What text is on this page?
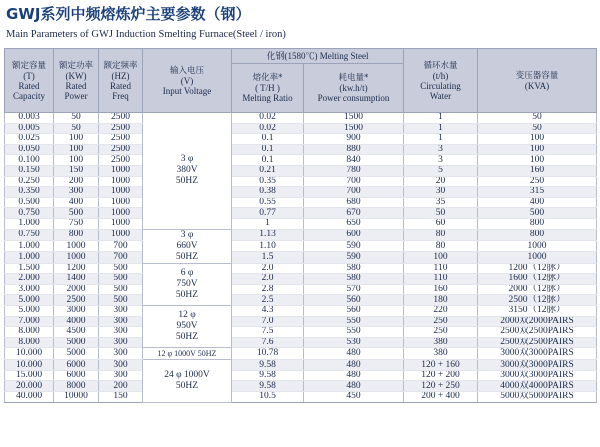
GWJ系列中频熔炼炉主要参数（钢）
Main Parameters of GWJ Induction Smelting Furnace(Steel / iron)
额定容量
(T)
Rated
Capacity	额定功率
(KW)
Rated
Power	额定频率
(HZ)
Rated
Freq	输入电压
(V)
Input Voltage	化钢(1580℃) Melting Steel		循环水量
(t/h)
Circulating
Water	变压器容量
(KVA)

				熔化率*
( T/H )
Melting Ratio	耗电量*
(kw.h/t)
Power consumption		

0.003	50	2500	3 φ
380V
50HZ	0.02	1500	1	50
0.005	50	2500		0.02	1500	1	50
0.025	100	2500		0.1	900	1	100
0.050	100	2500		0.1	880	3	100
0.100	100	2500		0.1	840	3	100
0.150	150	1000		0.21	780	5	160
0.250	200	1000		0.35	700	20	250
0.350	300	1000		0.38	700	30	315
0.500	400	1000		0.55	680	35	400
0.750	500	1000		0.77	670	50	500
1.000	750	1000		1	650	60	800
0.750	800	1000	3 φ
660V
50HZ	1.13	600	80	800
1.000	1000	700		1.10	590	80	1000
1.000	1000	700		1.5	590	100	1000
1.500	1200	500	6 φ
750V
50HZ	2.0	580	110	1200（12脉）
2.000	1400	500		2.0	580	110	1600（12脉）
3.000	2000	500		2.8	570	160	2000（12脉）
5.000	2500	500		2.5	560	180	2500（12脉）
5.000	3000	300	12 φ
950V
50HZ	4.3	560	220	3150（12脉）
7.000	4000	300		7.0	550	250	2000双2000PAIRS
8.000	4500	300		7.5	550	250	2500双2500PAIRS
8.000	5000	300		7.6	530	380	2500双2500PAIRS
10.000	5000	300	12 φ 1000V 50HZ	10.78	480	380	3000双3000PAIRS
10.000	6000	300	24 φ 1000V
50HZ	9.58	480	120 + 160	3000双3000PAIRS
15.000	6000	300		9.58	480	120 + 200	3000双3000PAIRS
20.000	8000	200		9.58	480	120 + 250	4000双4000PAIRS
40.000	10000	150		10.5	450	200 + 400	5000双5000PAIRS
